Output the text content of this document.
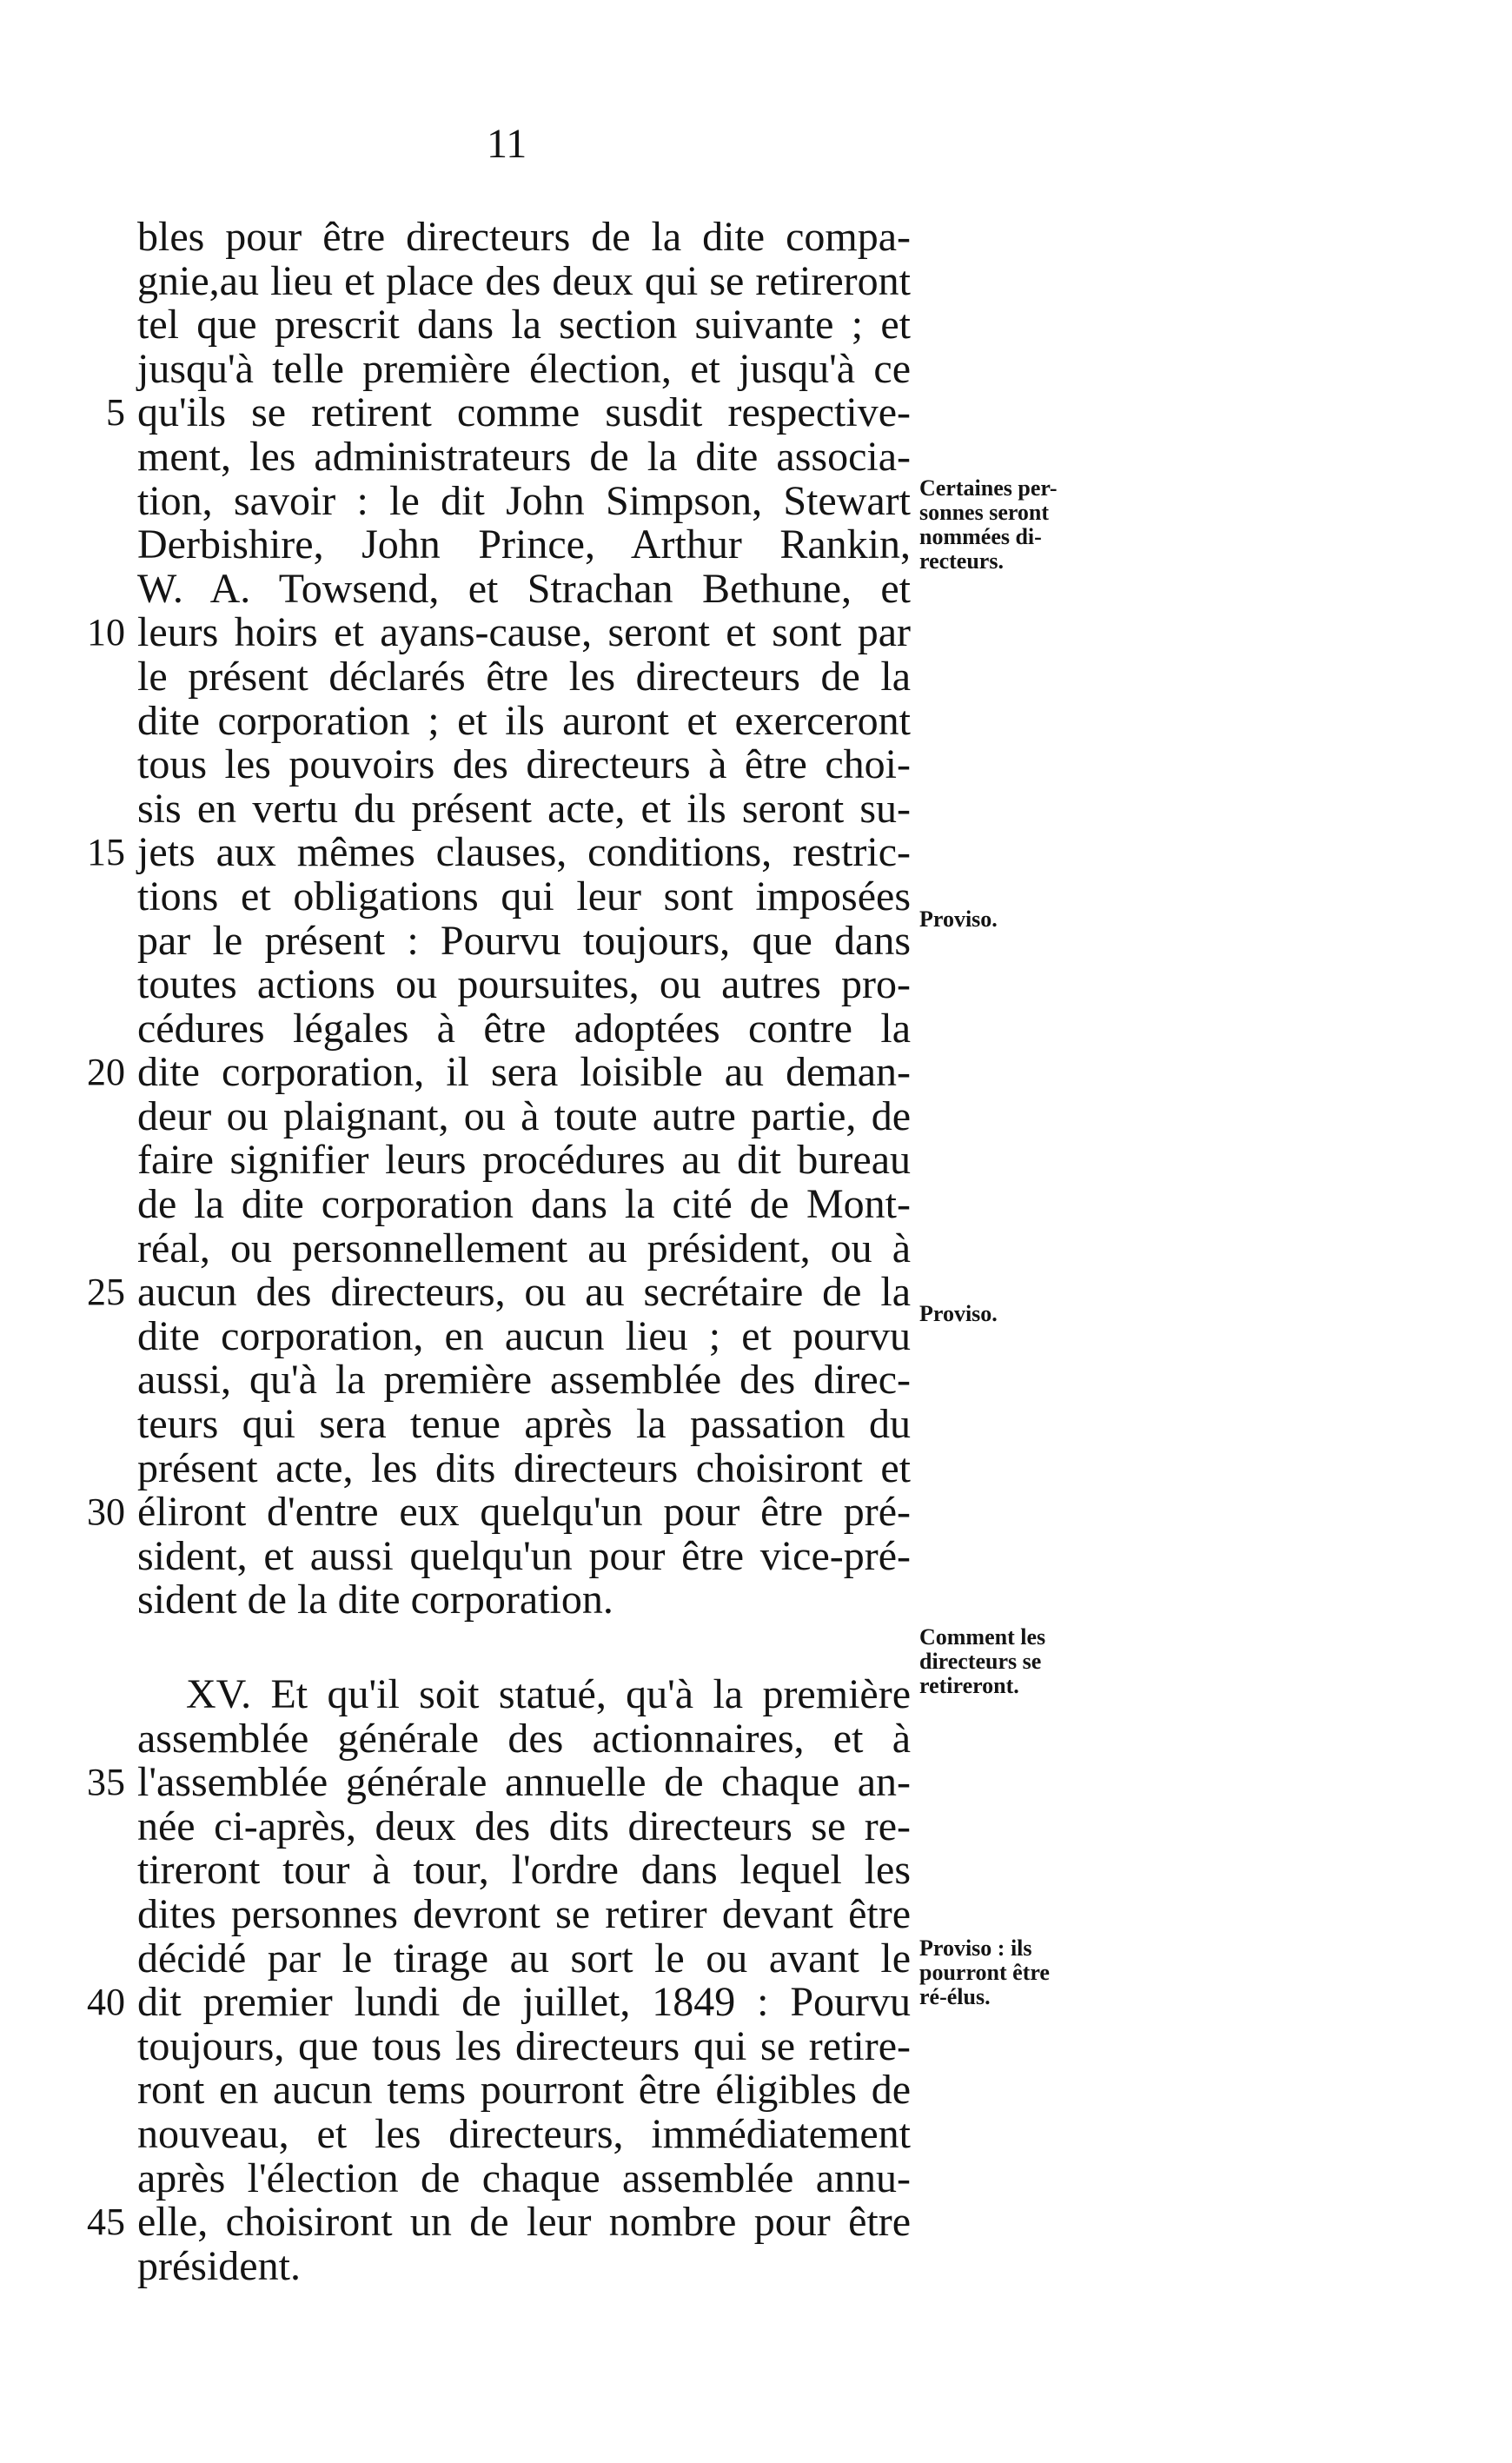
11
bles pour être directeurs de la dite compa-
gnie,au lieu et place des deux qui se retireront
tel que prescrit dans la section suivante ; et
jusqu'à telle première élection, et jusqu'à ce
5 qu'ils se retirent comme susdit respective-
ment, les administrateurs de la dite associa-
tion, savoir : le dit John Simpson, Stewart
Derbishire, John Prince, Arthur Rankin,
W. A. Towsend, et Strachan Bethune, et
10 leurs hoirs et ayans-cause, seront et sont par
le présent déclarés être les directeurs de la
dite corporation ; et ils auront et exerceront
tous les pouvoirs des directeurs à être choi-
sis en vertu du présent acte, et ils seront su-
15 jets aux mêmes clauses, conditions, restric-
tions et obligations qui leur sont imposées
par le présent : Pourvu toujours, que dans
toutes actions ou poursuites, ou autres pro-
cédures légales à être adoptées contre la
20 dite corporation, il sera loisible au deman-
deur ou plaignant, ou à toute autre partie, de
faire signifier leurs procédures au dit bureau
de la dite corporation dans la cité de Mont-
réal, ou personnellement au président, ou à
25 aucun des directeurs, ou au secrétaire de la
dite corporation, en aucun lieu ; et pourvu
aussi, qu'à la première assemblée des direc-
teurs qui sera tenue après la passation du
présent acte, les dits directeurs choisiront et
30 éliront d'entre eux quelqu'un pour être pré-
sident, et aussi quelqu'un pour être vice-pré-
sident de la dite corporation.
XV. Et qu'il soit statué, qu'à la première
assemblée générale des actionnaires, et à
35 l'assemblée générale annuelle de chaque an-
née ci-après, deux des dits directeurs se re-
tireront tour à tour, l'ordre dans lequel les
dites personnes devront se retirer devant être
décidé par le tirage au sort le ou avant le
40 dit premier lundi de juillet, 1849 : Pourvu
toujours, que tous les directeurs qui se retire-
ront en aucun tems pourront être éligibles de
nouveau, et les directeurs, immédiatement
après l'élection de chaque assemblée annu-
45 elle, choisiront un de leur nombre pour être
président.
Certaines per-
sonnes seront
nommées di-
recteurs.
Proviso.
Proviso.
Comment les
directeurs se
retireront.
Proviso : ils
pourront être
ré-élus.
